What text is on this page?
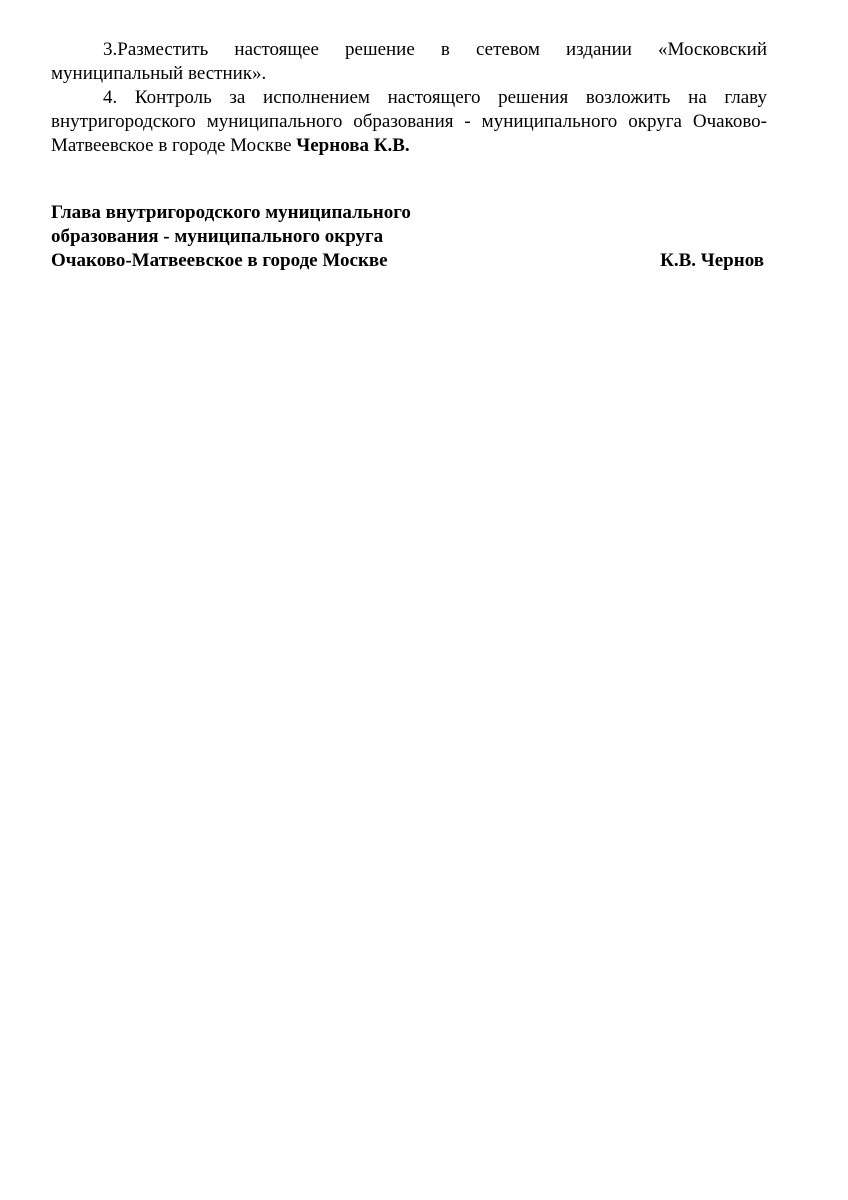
3.Разместить настоящее решение в сетевом издании «Московский муниципальный вестник».

4. Контроль за исполнением настоящего решения возложить на главу внутригородского муниципального образования - муниципального округа Очаково-Матвеевское в городе Москве Чернова К.В.

Глава внутригородского муниципального
образования - муниципального округа
Очаково-Матвеевское в городе Москве	К.В. Чернов
